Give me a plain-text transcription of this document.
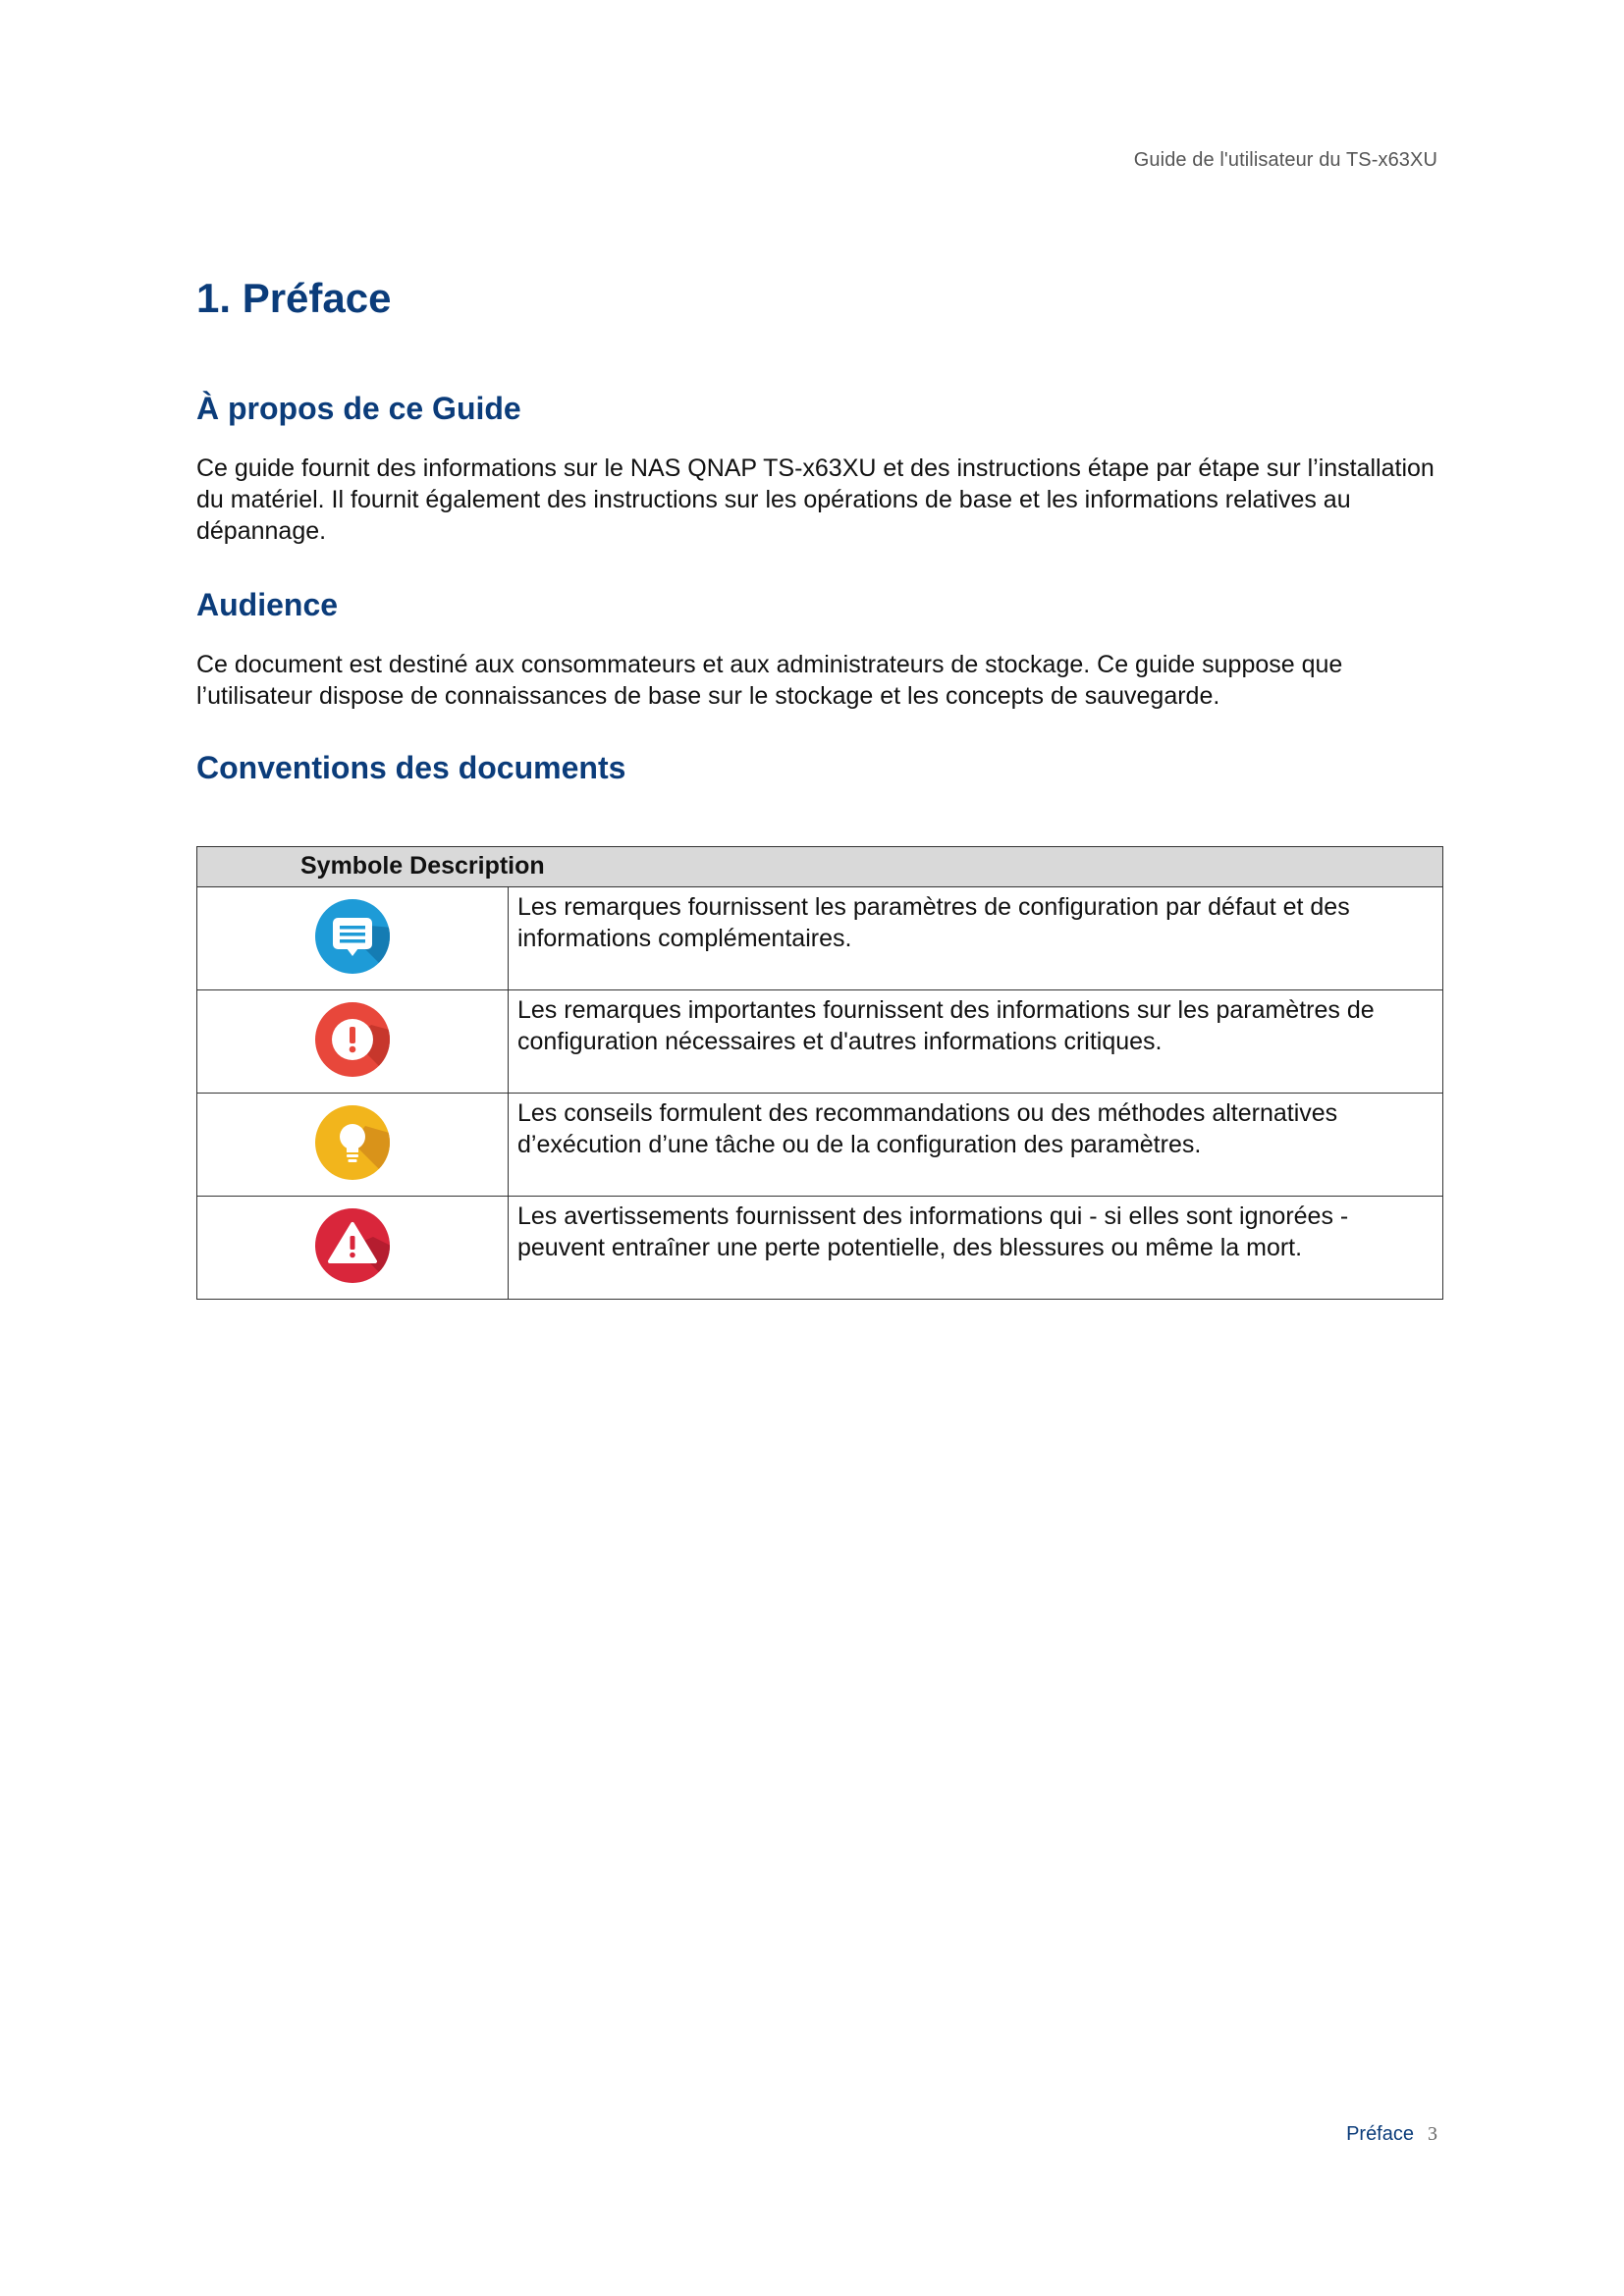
Guide de l'utilisateur du TS-x63XU
1. Préface
À propos de ce Guide

Ce guide fournit des informations sur le NAS QNAP TS-x63XU et des instructions étape par étape sur l’installation du matériel. Il fournit également des instructions sur les opérations de base et les informations relatives au dépannage.

Audience

Ce document est destiné aux consommateurs et aux administrateurs de stockage. Ce guide suppose que l’utilisateur dispose de connaissances de base sur le stockage et les concepts de sauvegarde.

Conventions des documents
Symbole Description	

	Les remarques fournissent les paramètres de configuration par défaut et des informations complémentaires.

	Les remarques importantes fournissent des informations sur les paramètres de configuration nécessaires et d'autres informations critiques.

	Les conseils formulent des recommandations ou des méthodes alternatives d’exécution d’une tâche ou de la configuration des paramètres.

	Les avertissements fournissent des informations qui - si elles sont ignorées - peuvent entraîner une perte potentielle, des blessures ou même la mort.
Préface 3
